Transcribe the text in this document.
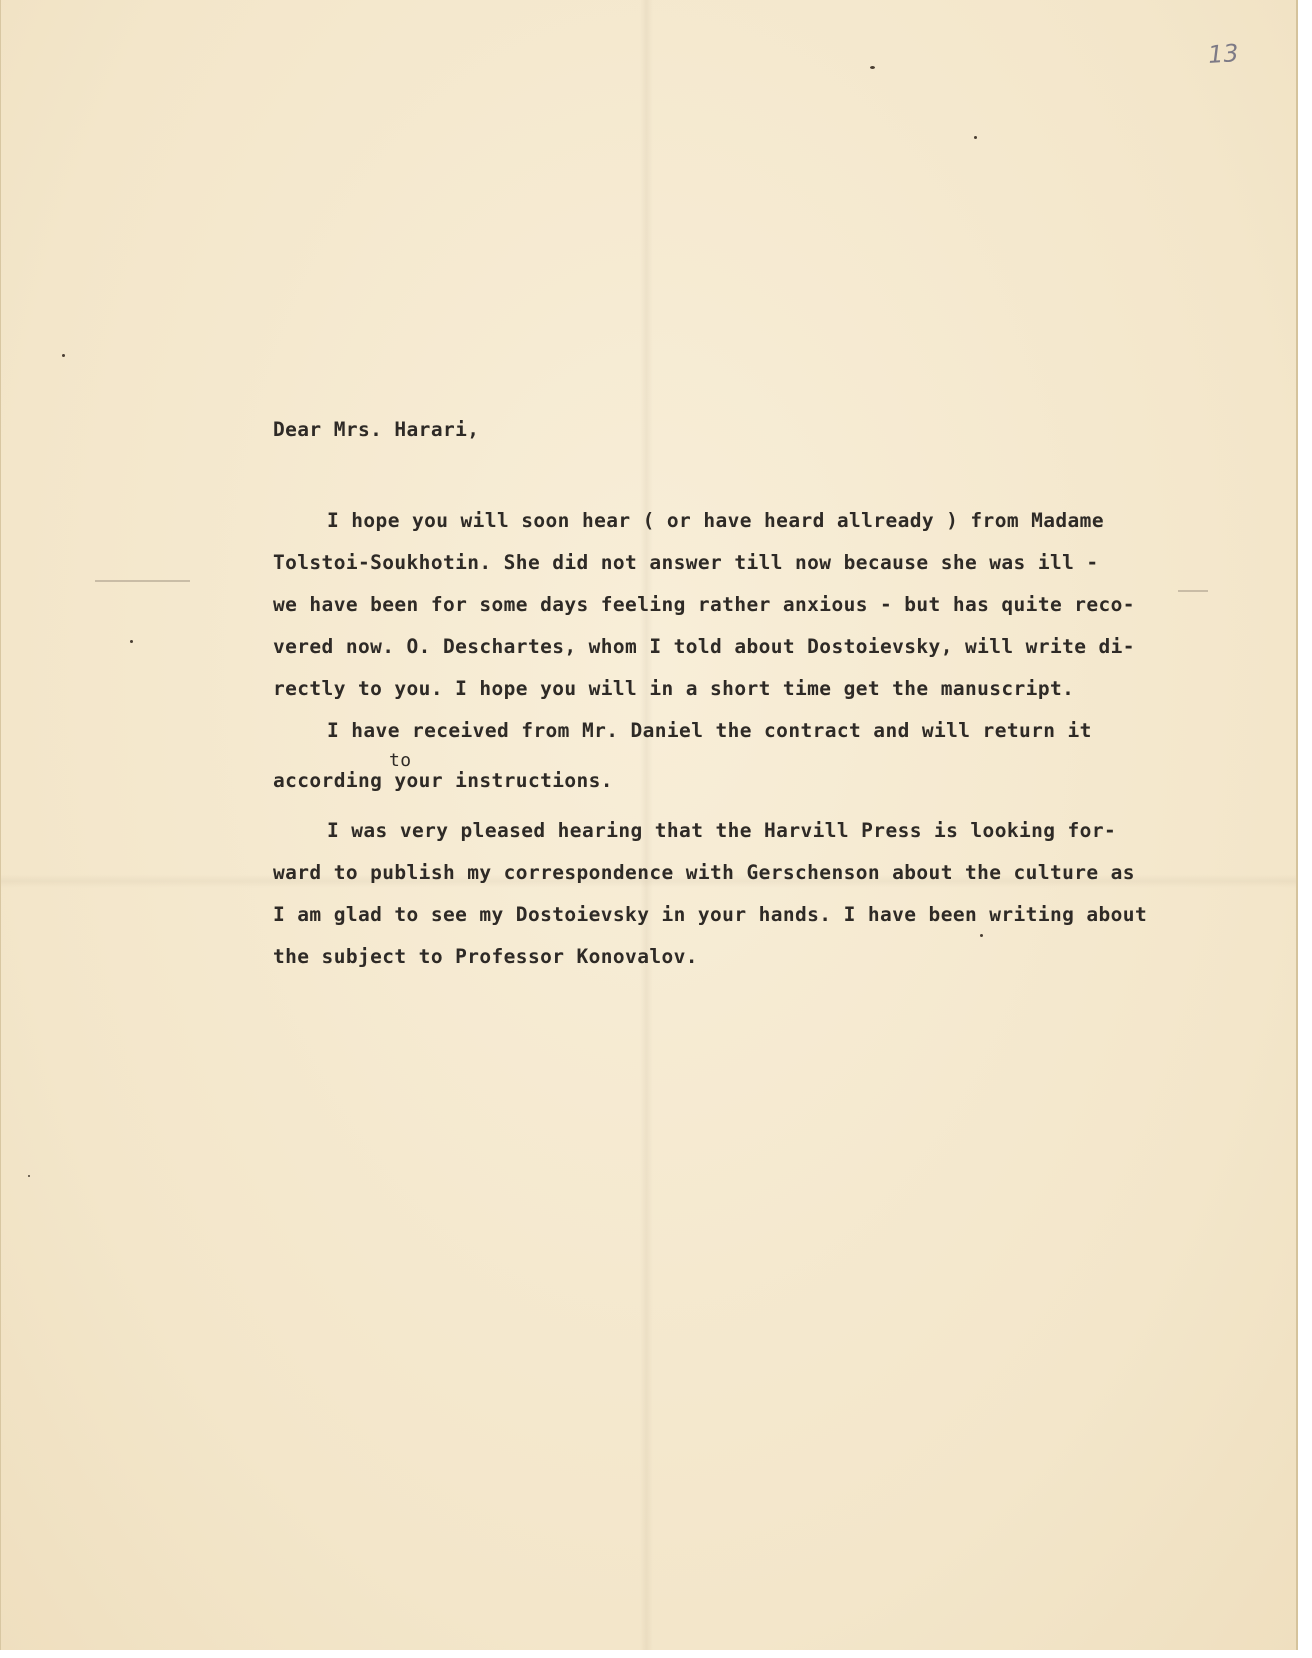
13
Dear Mrs. Harari,
I hope you will soon hear ( or have heard allready ) from Madame
Tolstoi-Soukhotin. She did not answer till now because she was ill -
we have been for some days feeling rather anxious - but has quite reco-
vered now. O. Deschartes, whom I told about Dostoievsky, will write di-
rectly to you. I hope you will in a short time get the manuscript.
I have received from Mr. Daniel the contract and will return it
to
according your instructions.
I was very pleased hearing that the Harvill Press is looking for-
ward to publish my correspondence with Gerschenson about the culture as
I am glad to see my Dostoievsky in your hands. I have been writing about
the subject to Professor Konovalov.
